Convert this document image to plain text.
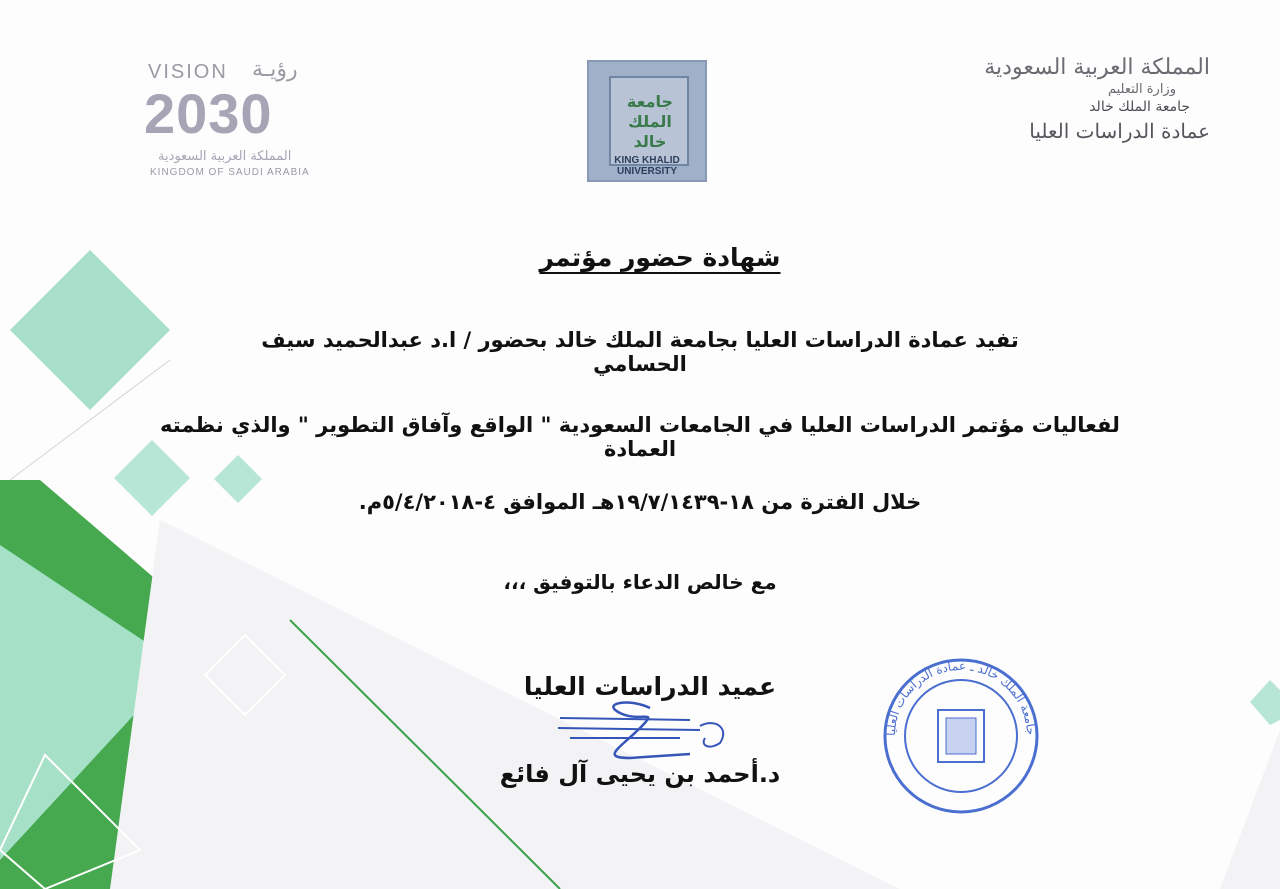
VISION رؤيـة
2030
المملكة العربية السعودية
KINGDOM OF SAUDI ARABIA
جامعة الملك خالد
KING KHALID UNIVERSITY
المملكة العربية السعودية
وزارة التعليم
جامعة الملك خالد
عمادة الدراسات العليا
شهادة حضور مؤتمر
تفيد عمادة الدراسات العليا بجامعة الملك خالد بحضور / ا.د عبدالحميد سيف الحسامي
لفعاليات مؤتمر الدراسات العليا في الجامعات السعودية " الواقع وآفاق التطوير " والذي نظمته العمادة
خلال الفترة من ١٨-١٩/٧/١٤٣٩هـ الموافق ٤-٥/٤/٢٠١٨م.
مع خالص الدعاء بالتوفيق ،،،
عميد الدراسات العليا
د.أحمد بن يحيى آل فائع
جامعة الملك خالد ـ عمادة الدراسات العليا
